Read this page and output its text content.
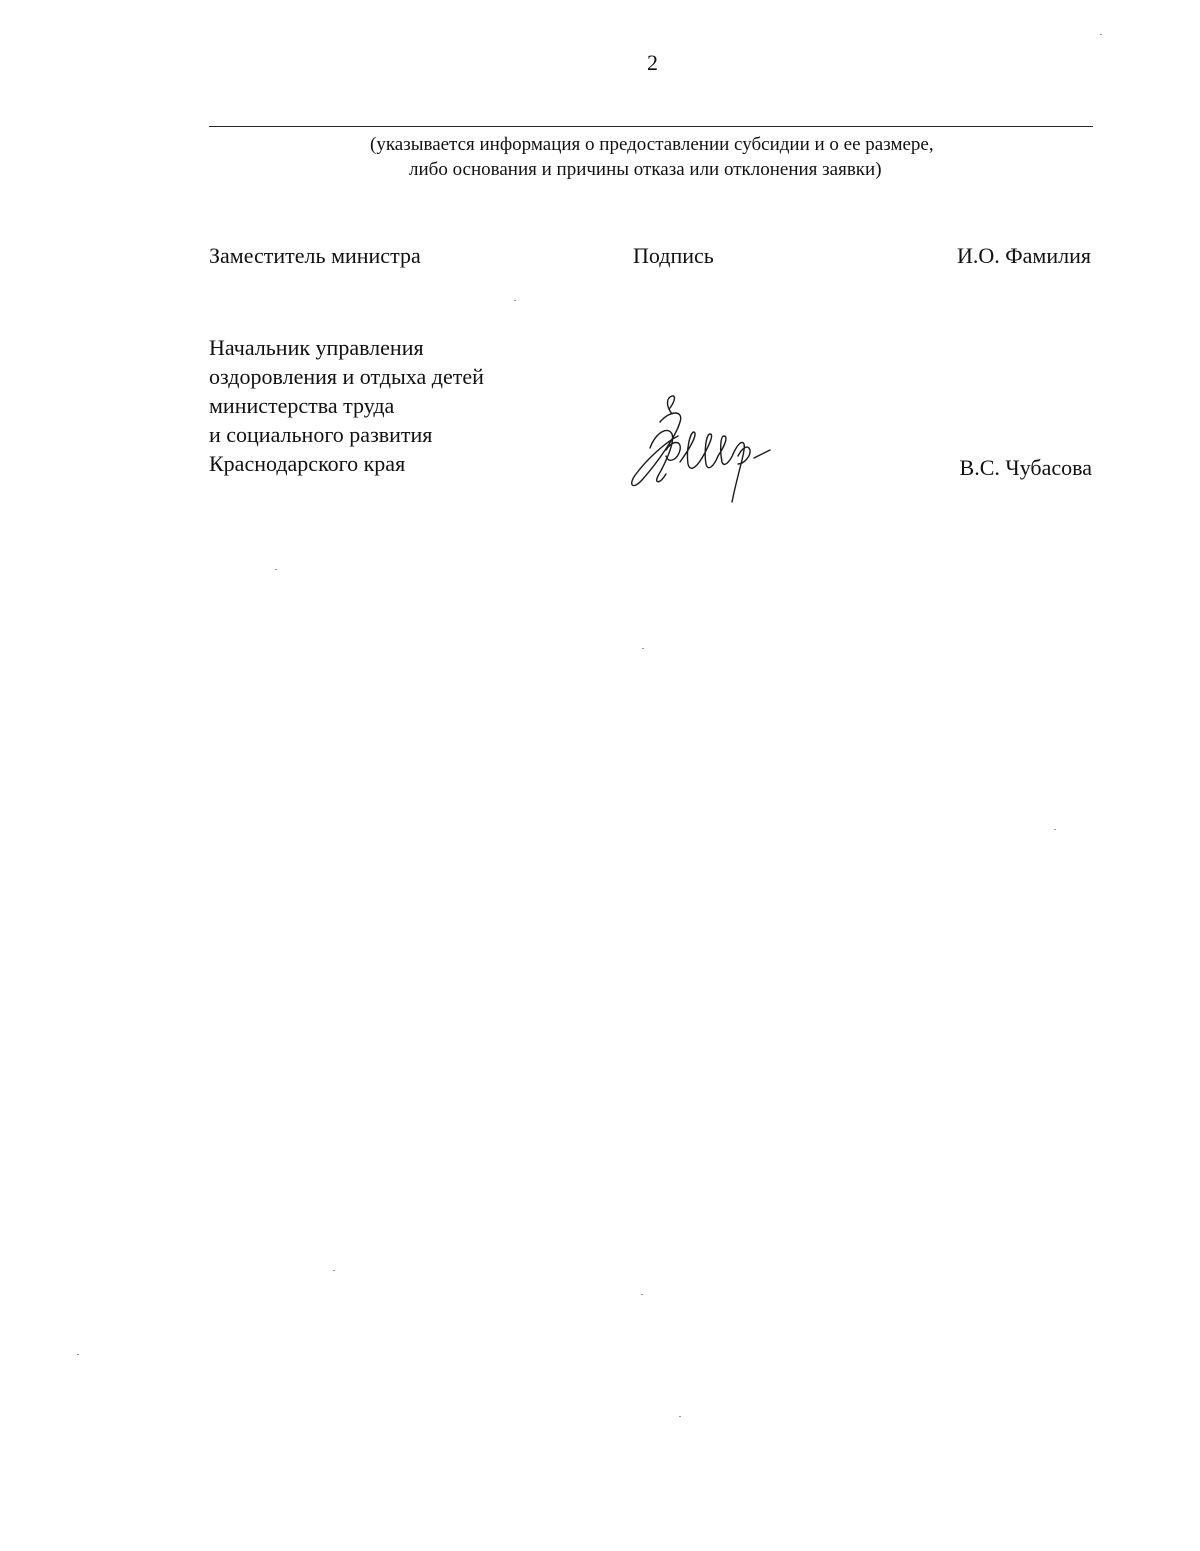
2
(указывается информация о предоставлении субсидии и о ее размере,
либо основания и причины отказа или отклонения заявки)
Заместитель министра	Подпись	И.О. Фамилия
Начальник управления
оздоровления и отдыха детей
министерства труда
и социального развития
Краснодарского края	В.С. Чубасова
